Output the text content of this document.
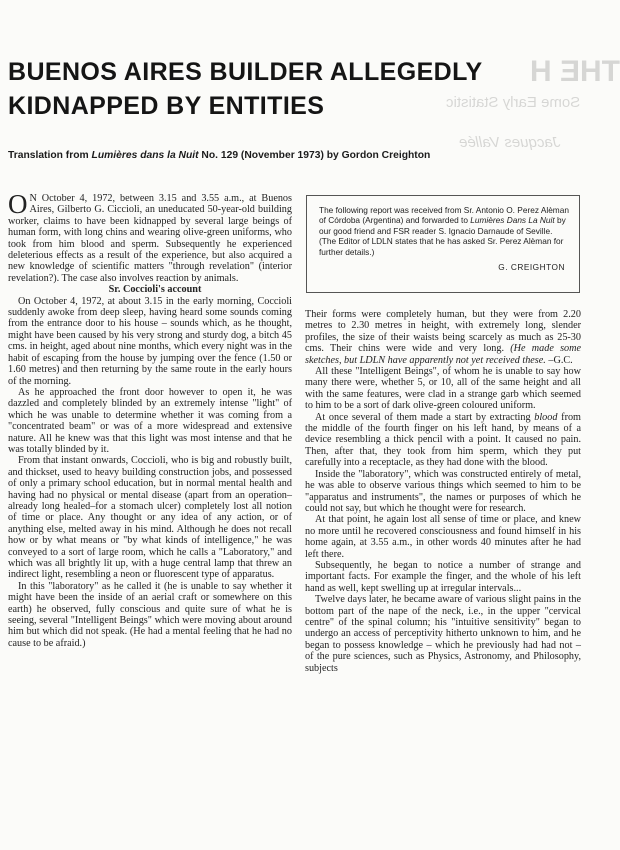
THE H
Some Early Statistic
Jacques Vallée
BUENOS AIRES BUILDER ALLEGEDLY
KIDNAPPED BY ENTITIES
Translation from Lumières dans la Nuit No. 129 (November 1973) by Gordon Creighton

O N October 4, 1972, between 3.15 and 3.55 a.m., at Buenos Aires, Gilberto G. Ciccioli, an uneducated 50-year-old building worker, claims to have been kidnapped by several large beings of human form, with long chins and wearing olive-green uniforms, who took from him blood and sperm. Subsequently he experienced deleterious effects as a result of the experience, but also acquired a new knowledge of scientific matters "through revelation" (interior revelation?). The case also involves reaction by animals.

Sr. Coccioli's account

On October 4, 1972, at about 3.15 in the early morning, Coccioli suddenly awoke from deep sleep, having heard some sounds coming from the entrance door to his house – sounds which, as he thought, might have been caused by his very strong and sturdy dog, a bitch 45 cms. in height, aged about nine months, which every night was in the habit of escaping from the house by jumping over the fence (1.50 or 1.60 metres) and then returning by the same route in the early hours of the morning.

As he approached the front door however to open it, he was dazzled and completely blinded by an extremely intense "light" of which he was unable to determine whether it was coming from a "concentrated beam" or was of a more widespread and extensive nature. All he knew was that this light was most intense and that he was totally blinded by it.

From that instant onwards, Coccioli, who is big and robustly built, and thickset, used to heavy building construction jobs, and possessed of only a primary school education, but in normal mental health and having had no physical or mental disease (apart from an operation–already long healed–for a stomach ulcer) completely lost all notion of time or place. Any thought or any idea of any action, or of anything else, melted away in his mind. Although he does not recall how or by what means or "by what kinds of intelligence," he was conveyed to a sort of large room, which he calls a "Laboratory," and which was all brightly lit up, with a huge central lamp that threw an indirect light, resembling a neon or fluorescent type of apparatus.

In this "laboratory" as he called it (he is unable to say whether it might have been the inside of an aerial craft or somewhere on this earth) he observed, fully conscious and quite sure of what he is seeing, several "Intelligent Beings" which were moving about around him but which did not speak. (He had a mental feeling that he had no cause to be afraid.)

The following report was received from Sr. Antonio O. Perez Alèman of Córdoba (Argentina) and forwarded to Lumières Dans La Nuit by our good friend and FSR reader S. Ignacio Darnaude of Seville. (The Editor of LDLN states that he has asked Sr. Perez Alèman for further details.)

G. CREIGHTON

Their forms were completely human, but they were from 2.20 metres to 2.30 metres in height, with extremely long, slender profiles, the size of their waists being scarcely as much as 25-30 cms. Their chins were wide and very long. (He made some sketches, but LDLN have apparently not yet received these. –G.C.

All these "Intelligent Beings", of whom he is unable to say how many there were, whether 5, or 10, all of the same height and all with the same features, were clad in a strange garb which seemed to him to be a sort of dark olive-green coloured uniform.

At once several of them made a start by extracting blood from the middle of the fourth finger on his left hand, by means of a device resembling a thick pencil with a point. It caused no pain. Then, after that, they took from him sperm, which they put carefully into a receptacle, as they had done with the blood.

Inside the "laboratory", which was constructed entirely of metal, he was able to observe various things which seemed to him to be "apparatus and instruments", the names or purposes of which he could not say, but which he thought were for research.

At that point, he again lost all sense of time or place, and knew no more until he recovered consciousness and found himself in his home again, at 3.55 a.m., in other words 40 minutes after he had left there.

Subsequently, he began to notice a number of strange and important facts. For example the finger, and the whole of his left hand as well, kept swelling up at irregular intervals...

Twelve days later, he became aware of various slight pains in the bottom part of the nape of the neck, i.e., in the upper "cervical centre" of the spinal column; his "intuitive sensitivity" began to undergo an access of perceptivity hitherto unknown to him, and he began to possess knowledge – which he previously had had not – of the pure sciences, such as Physics, Astronomy, and Philosophy, subjects
